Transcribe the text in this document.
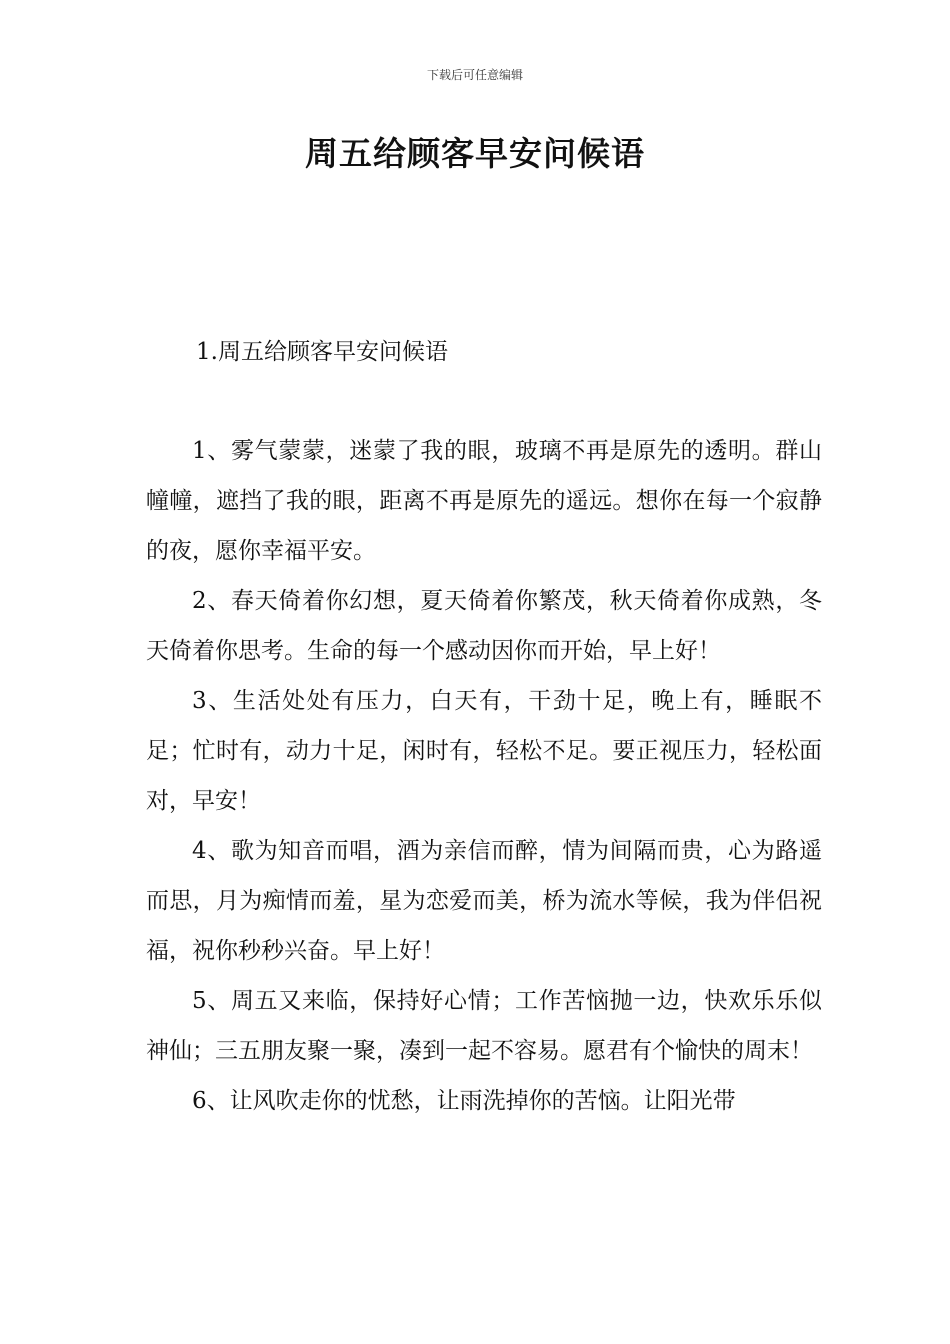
下载后可任意编辑
周五给顾客早安问候语
1.周五给顾客早安问候语

1、雾气蒙蒙，迷蒙了我的眼，玻璃不再是原先的透明。群山幢幢，遮挡了我的眼，距离不再是原先的遥远。想你在每一个寂静的夜，愿你幸福平安。

2、春天倚着你幻想，夏天倚着你繁茂，秋天倚着你成熟，冬天倚着你思考。生命的每一个感动因你而开始，早上好！

3、生活处处有压力，白天有，干劲十足，晚上有，睡眠不足；忙时有，动力十足，闲时有，轻松不足。要正视压力，轻松面对，早安！

4、歌为知音而唱，酒为亲信而醉，情为间隔而贵，心为路遥而思，月为痴情而羞，星为恋爱而美，桥为流水等候，我为伴侣祝福，祝你秒秒兴奋。早上好！

5、周五又来临，保持好心情；工作苦恼抛一边，快欢乐乐似神仙；三五朋友聚一聚，凑到一起不容易。愿君有个愉快的周末！

6、让风吹走你的忧愁，让雨洗掉你的苦恼。让阳光带
